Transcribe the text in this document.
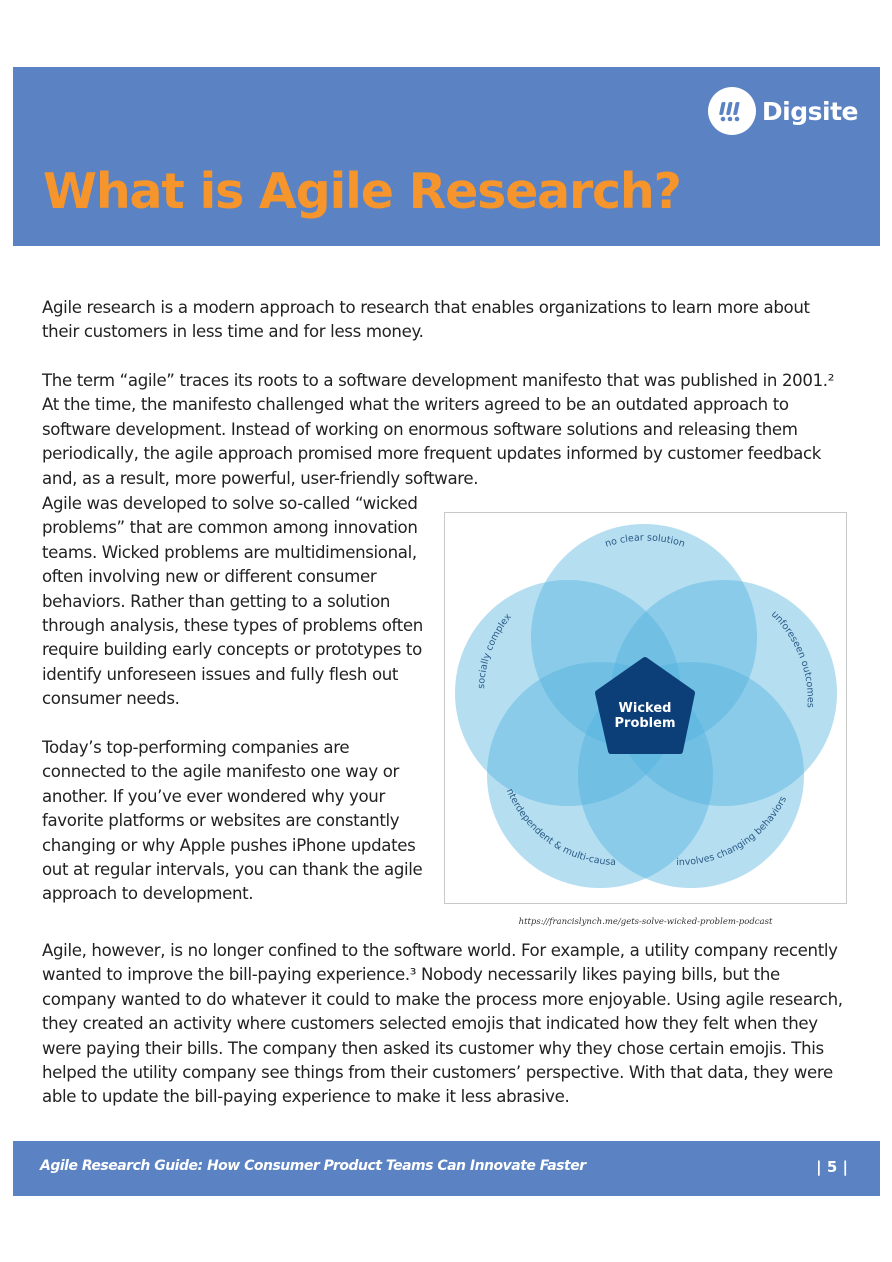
Digsite
What is Agile Research?

Agile research is a modern approach to research that enables organizations to learn more about their customers in less time and for less money.

The term “agile” traces its roots to a software development manifesto that was published in 2001.² At the time, the manifesto challenged what the writers agreed to be an outdated approach to software development. Instead of working on enormous software solutions and releasing them periodically, the agile approach promised more frequent updates informed by customer feedback and, as a result, more powerful, user-friendly software.

Agile was developed to solve so-called “wicked problems” that are common among innovation teams. Wicked problems are multidimensional, often involving new or different consumer behaviors. Rather than getting to a solution through analysis, these types of problems often require building early concepts or prototypes to identify unforeseen issues and fully flesh out consumer needs.

Today’s top-performing companies are connected to the agile manifesto one way or another. If you’ve ever wondered why your favorite platforms or websites are constantly changing or why Apple pushes iPhone updates out at regular intervals, you can thank the agile approach to development.

Wicked
Problem
no clear solution
socially complex	unforeseen outcomes
nterdependent & multi-causa	involves changing behaviors
https://francislynch.me/gets-solve-wicked-problem-podcast

Agile, however, is no longer confined to the software world. For example, a utility company recently wanted to improve the bill-paying experience.³ Nobody necessarily likes paying bills, but the company wanted to do whatever it could to make the process more enjoyable. Using agile research, they created an activity where customers selected emojis that indicated how they felt when they were paying their bills. The company then asked its customer why they chose certain emojis. This helped the utility company see things from their customers’ perspective. With that data, they were able to update the bill-paying experience to make it less abrasive.

Agile Research Guide: How Consumer Product Teams Can Innovate Faster	| 5 |
